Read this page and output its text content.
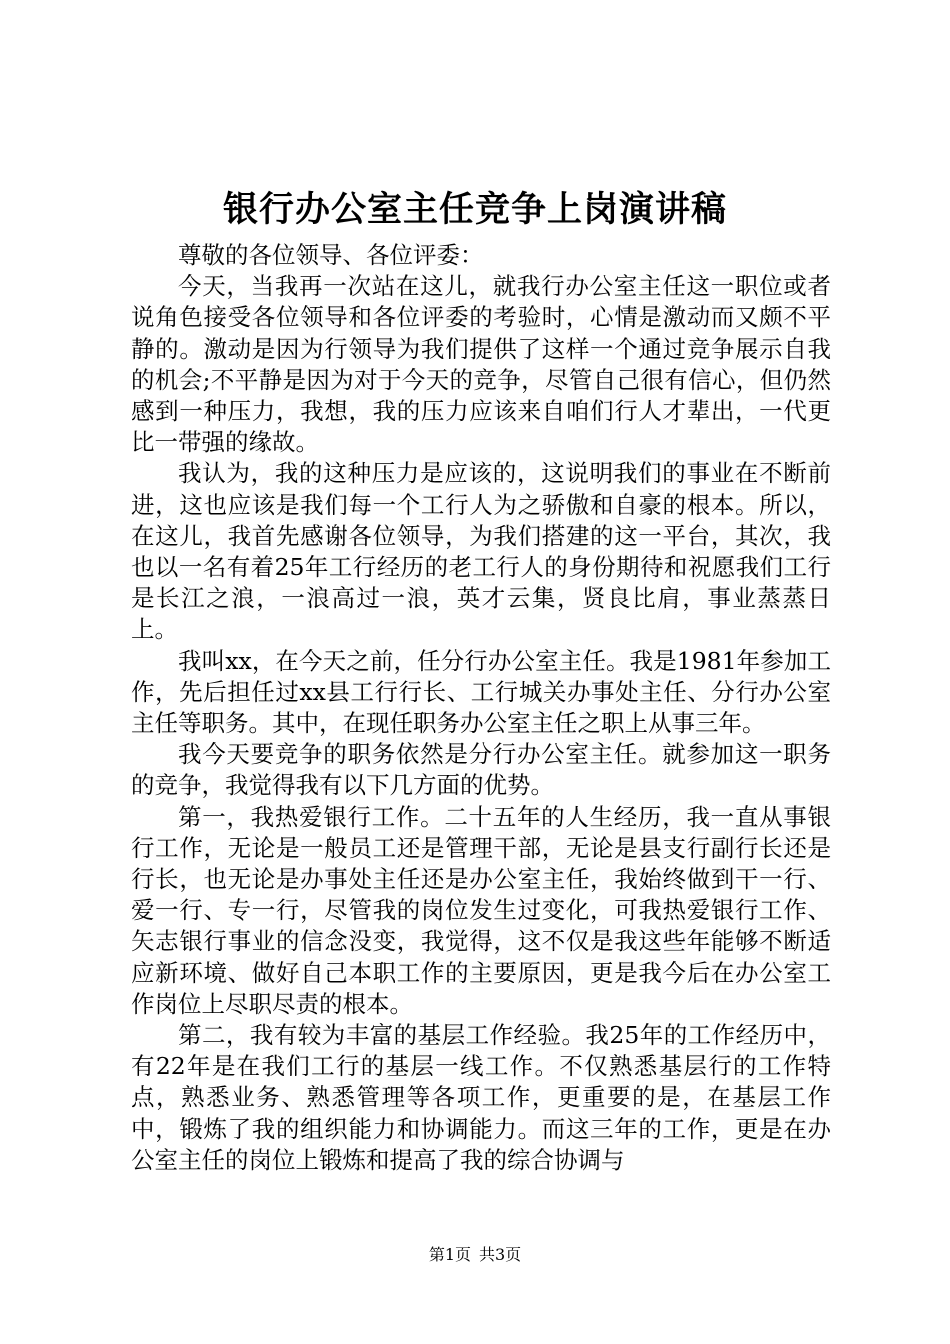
银行办公室主任竞争上岗演讲稿

尊敬的各位领导、各位评委：

今天，当我再一次站在这儿，就我行办公室主任这一职位或者说角色接受各位领导和各位评委的考验时，心情是激动而又颇不平静的。激动是因为行领导为我们提供了这样一个通过竞争展示自我的机会;不平静是因为对于今天的竞争，尽管自己很有信心，但仍然感到一种压力，我想，我的压力应该来自咱们行人才辈出，一代更比一带强的缘故。

我认为，我的这种压力是应该的，这说明我们的事业在不断前进，这也应该是我们每一个工行人为之骄傲和自豪的根本。所以，在这儿，我首先感谢各位领导，为我们搭建的这一平台，其次，我也以一名有着25年工行经历的老工行人的身份期待和祝愿我们工行是长江之浪，一浪高过一浪，英才云集，贤良比肩，事业蒸蒸日上。

我叫xx，在今天之前，任分行办公室主任。我是1981年参加工作，先后担任过xx县工行行长、工行城关办事处主任、分行办公室主任等职务。其中，在现任职务办公室主任之职上从事三年。

我今天要竞争的职务依然是分行办公室主任。就参加这一职务的竞争，我觉得我有以下几方面的优势。

第一，我热爱银行工作。二十五年的人生经历，我一直从事银行工作，无论是一般员工还是管理干部，无论是县支行副行长还是行长，也无论是办事处主任还是办公室主任，我始终做到干一行、爱一行、专一行，尽管我的岗位发生过变化，可我热爱银行工作、矢志银行事业的信念没变，我觉得，这不仅是我这些年能够不断适应新环境、做好自己本职工作的主要原因，更是我今后在办公室工作岗位上尽职尽责的根本。

第二，我有较为丰富的基层工作经验。我25年的工作经历中，有22年是在我们工行的基层一线工作。不仅熟悉基层行的工作特点，熟悉业务、熟悉管理等各项工作，更重要的是，在基层工作中，锻炼了我的组织能力和协调能力。而这三年的工作，更是在办公室主任的岗位上锻炼和提高了我的综合协调与

第1页 共3页
